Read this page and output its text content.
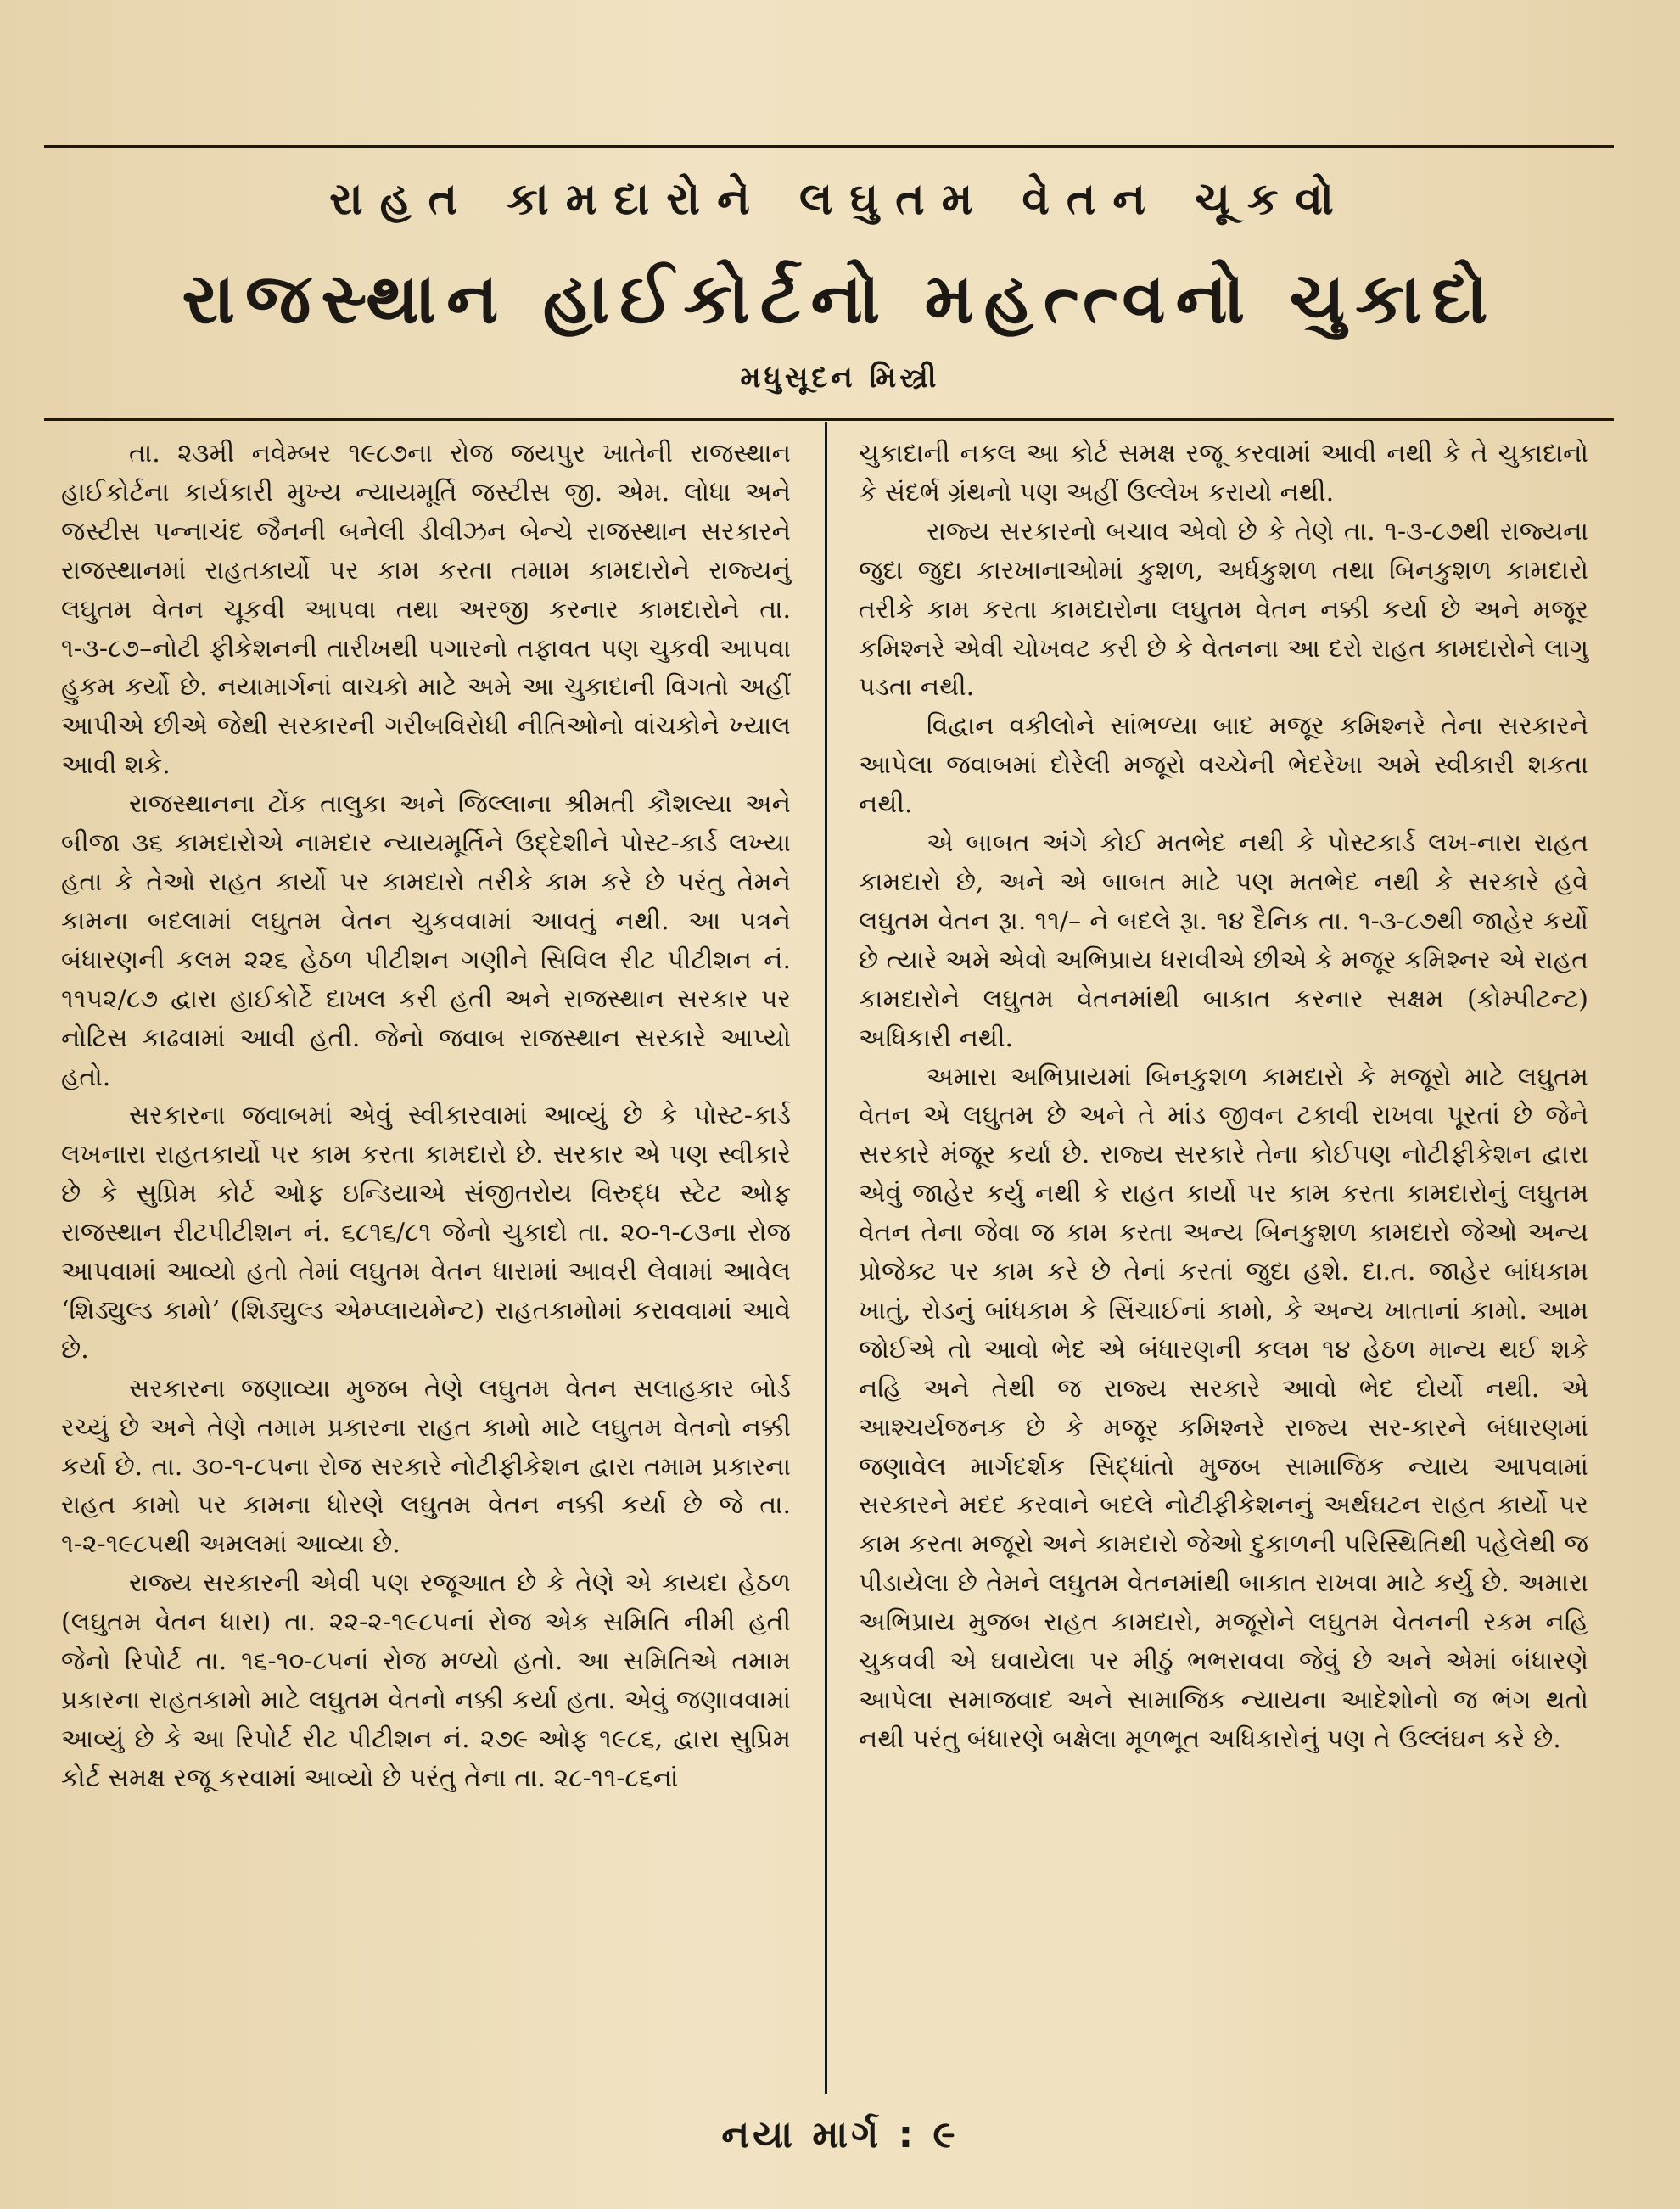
રાહત કામદારોને લઘુતમ વેતન ચૂકવો
રાજસ્થાન હાઈકોર્ટનો મહત્ત્વનો ચુકાદો
મધુસૂદન મિસ્ત્રી

તા. ૨૩મી નવેમ્બર ૧૯૮૭ના રોજ જયપુર ખાતેની રાજસ્થાન હાઈકોર્ટના કાર્યકારી મુખ્ય ન્યાયમૂર્તિ જસ્ટીસ જી. એમ. લોધા અને જસ્ટીસ પન્નાચંદ જૈનની બનેલી ડીવીઝન બેન્ચે રાજસ્થાન સરકારને રાજસ્થાનમાં રાહતકાર્યો પર કામ કરતા તમામ કામદારોને રાજ્યનું લઘુતમ વેતન ચૂકવી આપવા તથા અરજી કરનાર કામદારોને તા. ૧-૩-૮૭–નોટી ફીકેશનની તારીખથી પગારનો તફાવત પણ ચુકવી આપવા હુકમ કર્યો છે. નયામાર્ગનાં વાચકો માટે અમે આ ચુકાદાની વિગતો અહીં આપીએ છીએ જેથી સરકારની ગરીબવિરોધી નીતિઓનો વાંચકોને ખ્યાલ આવી શકે.

રાજસ્થાનના ટોંક તાલુકા અને જિલ્લાના શ્રીમતી કૌશલ્યા અને બીજા ૩૬ કામદારોએ નામદાર ન્યાયમૂર્તિને ઉદ્દેશીને પોસ્ટ-કાર્ડ લખ્યા હતા કે તેઓ રાહત કાર્યો પર કામદારો તરીકે કામ કરે છે પરંતુ તેમને કામના બદલામાં લઘુતમ વેતન ચુકવવામાં આવતું નથી. આ પત્રને બંધારણની કલમ ૨૨૬ હેઠળ પીટીશન ગણીને સિવિલ રીટ પીટીશન નં. ૧૧૫૨/૮૭ દ્વારા હાઈકોર્ટે દાખલ કરી હતી અને રાજસ્થાન સરકાર પર નોટિસ કાઢવામાં આવી હતી. જેનો જવાબ રાજસ્થાન સરકારે આપ્યો હતો.

સરકારના જવાબમાં એવું સ્વીકારવામાં આવ્યું છે કે પોસ્ટ-કાર્ડ લખનારા રાહતકાર્યો પર કામ કરતા કામદારો છે. સરકાર એ પણ સ્વીકારે છે કે સુપ્રિમ કોર્ટ ઓફ ઇન્ડિયાએ સંજીતરોય વિરુદ્ધ સ્ટેટ ઓફ રાજસ્થાન રીટપીટીશન નં. ૬૮૧૬/૮૧ જેનો ચુકાદો તા. ૨૦-૧-૮૩ના રોજ આપવામાં આવ્યો હતો તેમાં લઘુતમ વેતન ધારામાં આવરી લેવામાં આવેલ ‘શિડ્યુલ્ડ કામો’ (શિડ્યુલ્ડ એમ્પ્લાયમેન્ટ) રાહતકામોમાં કરાવવામાં આવે છે.

સરકારના જણાવ્યા મુજબ તેણે લઘુતમ વેતન સલાહકાર બોર્ડ રચ્યું છે અને તેણે તમામ પ્રકારના રાહત કામો માટે લઘુતમ વેતનો નક્કી કર્યા છે. તા. ૩૦-૧-૮૫ના રોજ સરકારે નોટીફીકેશન દ્વારા તમામ પ્રકારના રાહત કામો પર કામના ધોરણે લઘુતમ વેતન નક્કી કર્યા છે જે તા. ૧-૨-૧૯૮૫થી અમલમાં આવ્યા છે.

રાજ્ય સરકારની એવી પણ રજૂઆત છે કે તેણે એ કાયદા હેઠળ (લઘુતમ વેતન ધારા) તા. ૨૨-૨-૧૯૮૫નાં રોજ એક સમિતિ નીમી હતી જેનો રિપોર્ટ તા. ૧૬-૧૦-૮૫નાં રોજ મળ્યો હતો. આ સમિતિએ તમામ પ્રકારના રાહતકામો માટે લઘુતમ વેતનો નક્કી કર્યા હતા. એવું જણાવવામાં આવ્યું છે કે આ રિપોર્ટ રીટ પીટીશન નં. ૨૭૯ ઓફ ૧૯૮૬, દ્વારા સુપ્રિમ કોર્ટ સમક્ષ રજૂ કરવામાં આવ્યો છે પરંતુ તેના તા. ૨૮-૧૧-૮૬નાં

ચુકાદાની નકલ આ કોર્ટ સમક્ષ રજૂ કરવામાં આવી નથી કે તે ચુકાદાનો કે સંદર્ભ ગ્રંથનો પણ અહીં ઉલ્લેખ કરાયો નથી.

રાજ્ય સરકારનો બચાવ એવો છે કે તેણે તા. ૧-૩-૮૭થી રાજ્યના જુદા જુદા કારખાનાઓમાં કુશળ, અર્ધકુશળ તથા બિનકુશળ કામદારો તરીકે કામ કરતા કામદારોના લઘુતમ વેતન નક્કી કર્યા છે અને મજૂર કમિશ્નરે એવી ચોખવટ કરી છે કે વેતનના આ દરો રાહત કામદારોને લાગુ પડતા નથી.

વિદ્વાન વકીલોને સાંભળ્યા બાદ મજૂર કમિશ્નરે તેના સરકારને આપેલા જવાબમાં દોરેલી મજૂરો વચ્ચેની ભેદરેખા અમે સ્વીકારી શકતા નથી.

એ બાબત અંગે કોઈ મતભેદ નથી કે પોસ્ટકાર્ડ લખ-નારા રાહત કામદારો છે, અને એ બાબત માટે પણ મતભેદ નથી કે સરકારે હવે લઘુતમ વેતન રૂા. ૧૧/– ને બદલે રૂા. ૧૪ દૈનિક તા. ૧-૩-૮૭થી જાહેર કર્યો છે ત્યારે અમે એવો અભિપ્રાય ધરાવીએ છીએ કે મજૂર કમિશ્નર એ રાહત કામદારોને લઘુતમ વેતનમાંથી બાકાત કરનાર સક્ષમ (કોમ્પીટન્ટ) અધિકારી નથી.

અમારા અભિપ્રાયમાં બિનકુશળ કામદારો કે મજૂરો માટે લઘુતમ વેતન એ લઘુતમ છે અને તે માંડ જીવન ટકાવી રાખવા પૂરતાં છે જેને સરકારે મંજૂર કર્યા છે. રાજ્ય સરકારે તેના કોઈપણ નોટીફીકેશન દ્વારા એવું જાહેર કર્યુ નથી કે રાહત કાર્યો પર કામ કરતા કામદારોનું લઘુતમ વેતન તેના જેવા જ કામ કરતા અન્ય બિનકુશળ કામદારો જેઓ અન્ય પ્રોજેક્ટ પર કામ કરે છે તેનાં કરતાં જુદા હશે. દા.ત. જાહેર બાંધકામ ખાતું, રોડનું બાંધકામ કે સિંચાઈનાં કામો, કે અન્ય ખાતાનાં કામો. આમ જોઈએ તો આવો ભેદ એ બંધારણની કલમ ૧૪ હેઠળ માન્ય થઈ શકે નહિ અને તેથી જ રાજ્ય સરકારે આવો ભેદ દોર્યો નથી. એ આશ્ચર્યજનક છે કે મજૂર કમિશ્નરે રાજ્ય સર-કારને બંધારણમાં જણાવેલ માર્ગદર્શક સિદ્ધાંતો મુજબ સામાજિક ન્યાય આપવામાં સરકારને મદદ કરવાને બદલે નોટીફીકેશનનું અર્થઘટન રાહત કાર્યો પર કામ કરતા મજૂરો અને કામદારો જેઓ દુકાળની પરિસ્થિતિથી પહેલેથી જ પીડાયેલા છે તેમને લઘુતમ વેતનમાંથી બાકાત રાખવા માટે કર્યુ છે. અમારા અભિપ્રાય મુજબ રાહત કામદારો, મજૂરોને લઘુતમ વેતનની રકમ નહિ ચુકવવી એ ઘવાયેલા પર મીઠું ભભરાવવા જેવું છે અને એમાં બંધારણે આપેલા સમાજવાદ અને સામાજિક ન્યાયના આદેશોનો જ ભંગ થતો નથી પરંતુ બંધારણે બક્ષેલા મૂળભૂત અધિકારોનું પણ તે ઉલ્લંઘન કરે છે.

નયા માર્ગ : ૯
